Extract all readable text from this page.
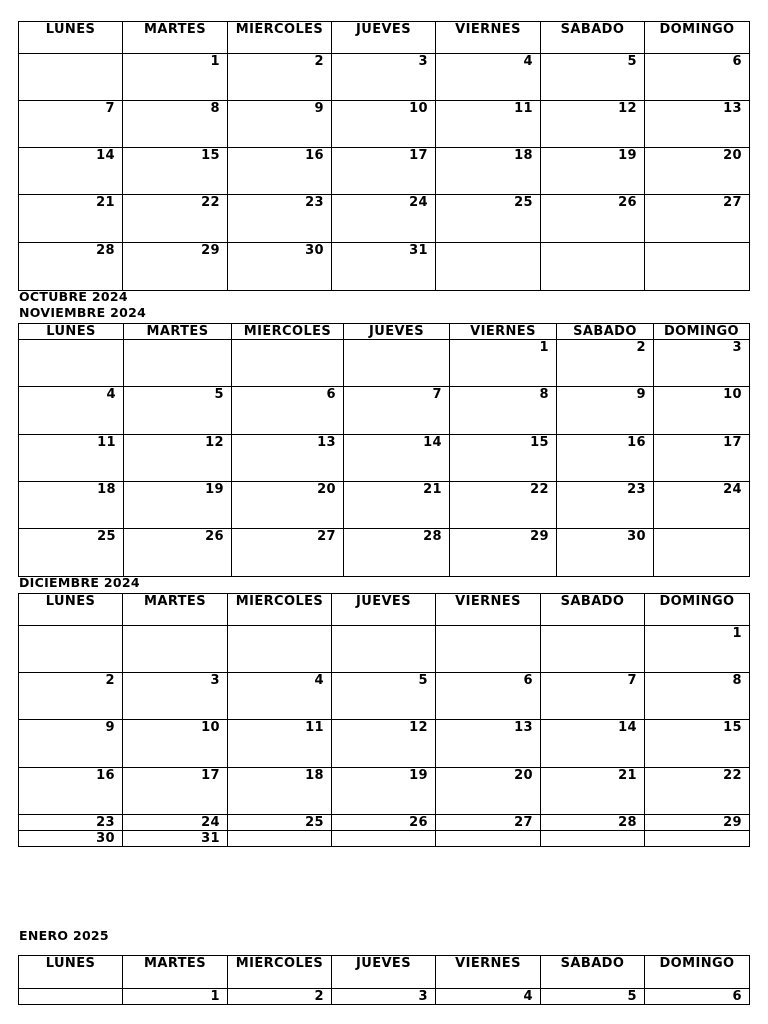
LUNES	MARTES	MIÉRCOLES	JUEVES	VIERNES	SÁBADO	DOMINGO
	1	2	3	4	5	6
7	8	9	10	11	12	13
14	15	16	17	18	19	20
21	22	23	24	25	26	27
28	29	30	31			
OCTUBRE 2024
NOVIEMBRE 2024
LUNES	MARTES	MIÉRCOLES	JUEVES	VIERNES	SÁBADO	DOMINGO
				1	2	3
4	5	6	7	8	9	10
11	12	13	14	15	16	17
18	19	20	21	22	23	24
25	26	27	28	29	30	
DICIEMBRE 2024
LUNES	MARTES	MIÉRCOLES	JUEVES	VIERNES	SÁBADO	DOMINGO
						1
2	3	4	5	6	7	8
9	10	11	12	13	14	15
16	17	18	19	20	21	22
23	24	25	26	27	28	29
30	31					
ENERO 2025
LUNES	MARTES	MIÉRCOLES	JUEVES	VIERNES	SÁBADO	DOMINGO
	1	2	3	4	5	6
